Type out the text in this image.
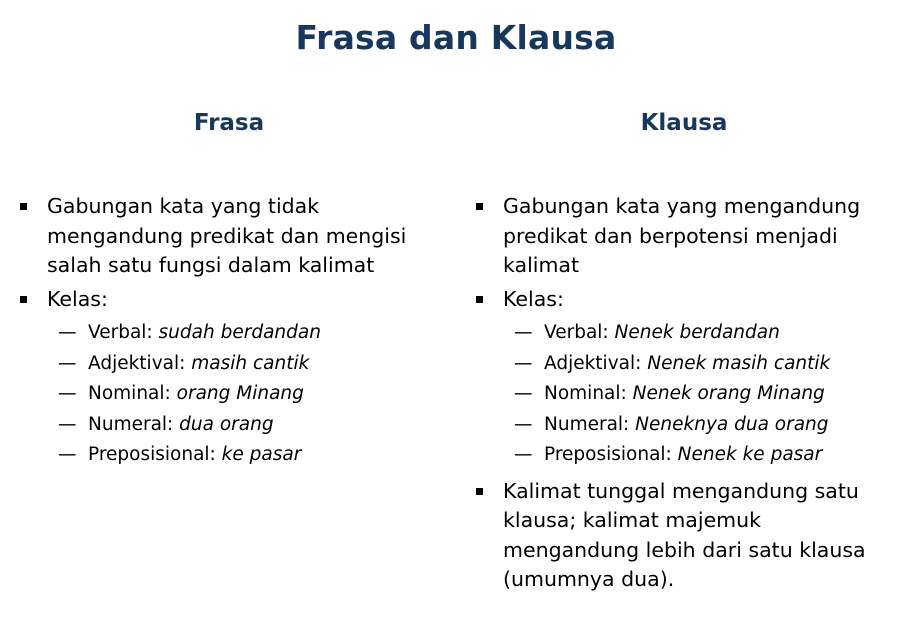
Frasa dan Klausa
Frasa	Klausa
Gabungan kata yang tidak mengandung predikat dan mengisi salah satu fungsi dalam kalimat
Kelas:
— Verbal: sudah berdandan
— Adjektival: masih cantik
— Nominal: orang Minang
— Numeral: dua orang
— Preposisional: ke pasar
Gabungan kata yang mengandung predikat dan berpotensi menjadi kalimat
Kelas:
— Verbal: Nenek berdandan
— Adjektival: Nenek masih cantik
— Nominal: Nenek orang Minang
— Numeral: Neneknya dua orang
— Preposisional: Nenek ke pasar
Kalimat tunggal mengandung satu klausa; kalimat majemuk mengandung lebih dari satu klausa (umumnya dua).
